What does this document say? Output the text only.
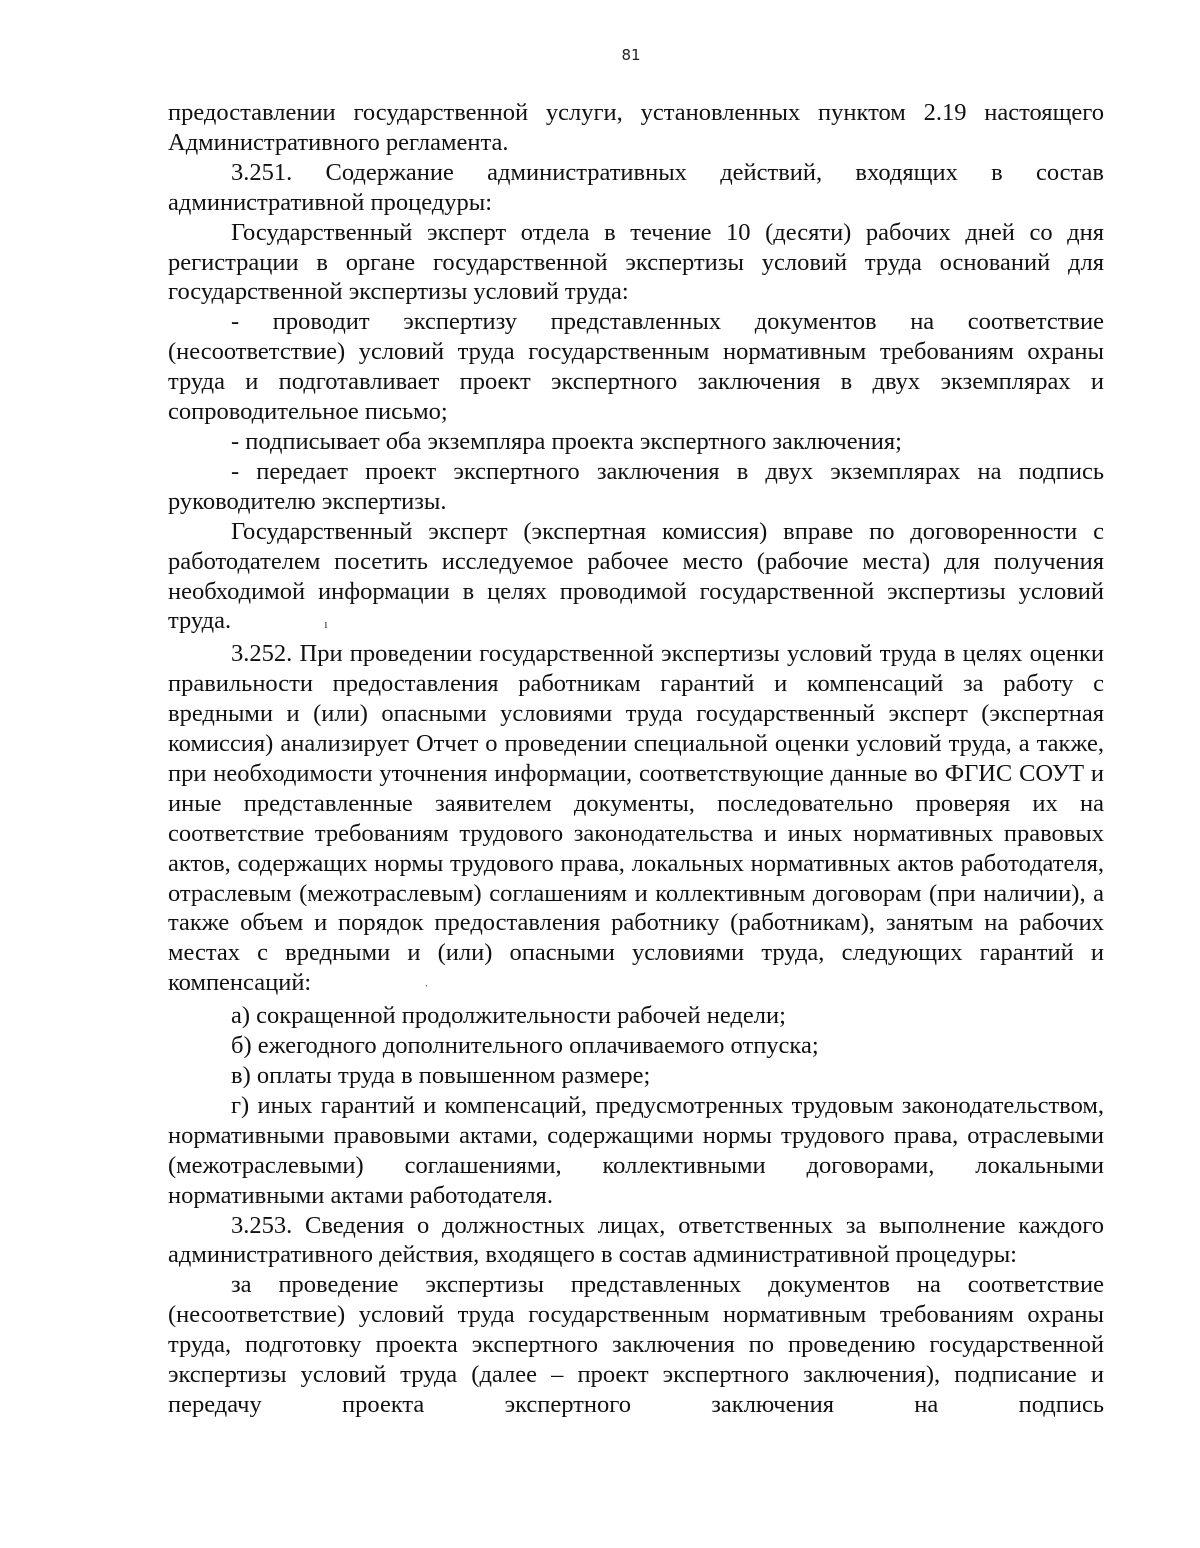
81

предоставлении государственной услуги, установленных пунктом 2.19 настоящего Административного регламента.

3.251. Содержание административных действий, входящих в состав административной процедуры:

Государственный эксперт отдела в течение 10 (десяти) рабочих дней со дня регистрации в органе государственной экспертизы условий труда оснований для государственной экспертизы условий труда:

- проводит экспертизу представленных документов на соответствие (несоответствие) условий труда государственным нормативным требованиям охраны труда и подготавливает проект экспертного заключения в двух экземплярах и сопроводительное письмо;

- подписывает оба экземпляра проекта экспертного заключения;

- передает проект экспертного заключения в двух экземплярах на подпись руководителю экспертизы.

Государственный эксперт (экспертная комиссия) вправе по договоренности с работодателем посетить исследуемое рабочее место (рабочие места) для получения необходимой информации в целях проводимой государственной экспертизы условий труда.	ı

3.252. При проведении государственной экспертизы условий труда в целях оценки правильности предоставления работникам гарантий и компенсаций за работу с вредными и (или) опасными условиями труда государственный эксперт (экспертная комиссия) анализирует Отчет о проведении специальной оценки условий труда, а также, при необходимости уточнения информации, соответствующие данные во ФГИС СОУТ и иные представленные заявителем документы, последовательно проверяя их на соответствие требованиям трудового законодательства и иных нормативных правовых актов, содержащих нормы трудового права, локальных нормативных актов работодателя, отраслевым (межотраслевым) соглашениям и коллективным договорам (при наличии), а также объем и порядок предоставления работнику (работникам), занятым на рабочих местах с вредными и (или) опасными условиями труда, следующих гарантий и компенсаций:	·

а) сокращенной продолжительности рабочей недели;

б) ежегодного дополнительного оплачиваемого отпуска;

в) оплаты труда в повышенном размере;

г) иных гарантий и компенсаций, предусмотренных трудовым законодательством, нормативными правовыми актами, содержащими нормы трудового права, отраслевыми (межотраслевыми) соглашениями, коллективными договорами, локальными нормативными актами работодателя.

3.253. Сведения о должностных лицах, ответственных за выполнение каждого административного действия, входящего в состав административной процедуры:

за проведение экспертизы представленных документов на соответствие (несоответствие) условий труда государственным нормативным требованиям охраны труда, подготовку проекта экспертного заключения по проведению государственной экспертизы условий труда (далее – проект экспертного заключения), подписание и передачу проекта экспертного заключения на подпись
